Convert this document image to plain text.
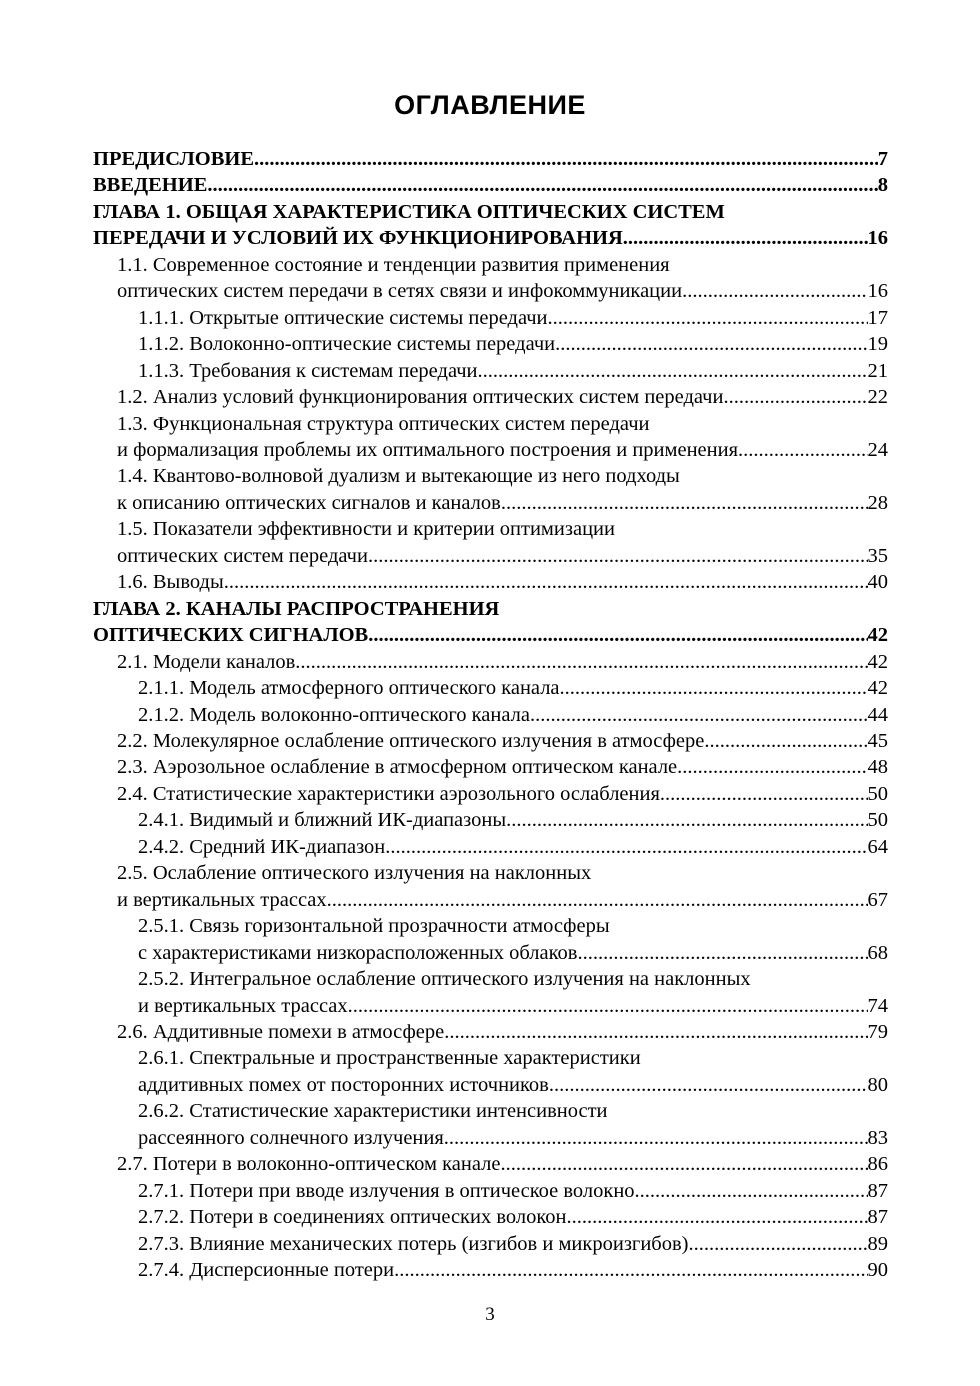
ОГЛАВЛЕНИЕ
ПРЕДИСЛОВИЕ .....	7
ВВЕДЕНИЕ .....	8
ГЛАВА 1. ОБЩАЯ ХАРАКТЕРИСТИКА ОПТИЧЕСКИХ СИСТЕМ
ПЕРЕДАЧИ И УСЛОВИЙ ИХ ФУНКЦИОНИРОВАНИЯ .....	16
1.1. Современное состояние и тенденции развития применения
оптических систем передачи в сетях связи и инфокоммуникации .....	16
1.1.1. Открытые оптические системы передачи .....	17
1.1.2. Волоконно-оптические системы передачи .....	19
1.1.3. Требования к системам передачи .....	21
1.2. Анализ условий функционирования оптических систем передачи .....	22
1.3. Функциональная структура оптических систем передачи
и формализация проблемы их оптимального построения и применения .....	24
1.4. Квантово-волновой дуализм и вытекающие из него подходы
к описанию оптических сигналов и каналов .....	28
1.5. Показатели эффективности и критерии оптимизации
оптических систем передачи .....	35
1.6. Выводы .....	40
ГЛАВА 2. КАНАЛЫ РАСПРОСТРАНЕНИЯ
ОПТИЧЕСКИХ СИГНАЛОВ .....	42
2.1. Модели каналов .....	42
2.1.1. Модель атмосферного оптического канала .....	42
2.1.2. Модель волоконно-оптического канала .....	44
2.2. Молекулярное ослабление оптического излучения в атмосфере .....	45
2.3. Аэрозольное ослабление в атмосферном оптическом канале .....	48
2.4. Статистические характеристики аэрозольного ослабления .....	50
2.4.1. Видимый и ближний ИК-диапазоны .....	50
2.4.2. Средний ИК-диапазон .....	64
2.5. Ослабление оптического излучения на наклонных
и вертикальных трассах .....	67
2.5.1. Связь горизонтальной прозрачности атмосферы
с характеристиками низкорасположенных облаков .....	68
2.5.2. Интегральное ослабление оптического излучения на наклонных
и вертикальных трассах .....	74
2.6. Аддитивные помехи в атмосфере .....	79
2.6.1. Спектральные и пространственные характеристики
аддитивных помех от посторонних источников .....	80
2.6.2. Статистические характеристики интенсивности
рассеянного солнечного излучения .....	83
2.7. Потери в волоконно-оптическом канале .....	86
2.7.1. Потери при вводе излучения в оптическое волокно .....	87
2.7.2. Потери в соединениях оптических волокон .....	87
2.7.3. Влияние механических потерь (изгибов и микроизгибов) .....	89
2.7.4. Дисперсионные потери .....	90
3
